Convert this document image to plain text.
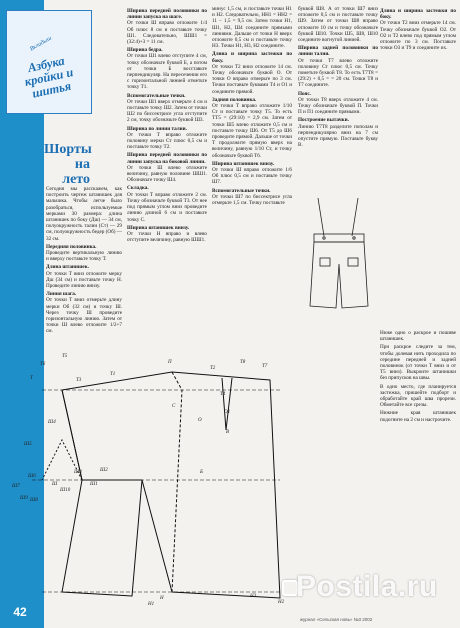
Вкладыш
Азбука кройки и шитья
Шорты на лето

Сегодня мы расскажем, как построить чертеж штанишек для мальчика. Чтобы легче было разобраться, используемые мерками 30 размера: длина штанишек по боку (Дш) — 34 см, полуокружность талии (Ст) — 29 см, полуокружность бедер (Об) — 32 см.

Передняя половинка.

Проведите вертикальную линию и вверху поставьте точку Т.

Длина штанишек.

От точки Т вниз отложите мерку Дш (34 см) и поставьте точку Н. Проведите линию внизу.

Линия шага.

От точки Т вниз отмерьте длину мерки Об (32 см) и точку Ш. Через точку Ш проведите горизонтальную линию. Затем от точки Ш влево отложите 1/2+7 см.

Ширина передней половинки по линии запуска на шаге.

От точки Ш вправо отложите 1/4 Об плюс 8 см и поставьте точку Ш1. Следовательно, ШШ1 = (32:4)+3 = 11 см.

Ширина бедра.

От точки Ш1 влево отступите 4 см, точку обозначьте буквой Б, а потом от точки Б восставьте перпендикуляр. На пересечении его с горизонтальной линией отметьте точку Т1.

Вспомогательные точки.

От точки Ш1 вверх отмерьте 4 см и поставьте точку Ш2. Затем от точки Ш2 по биссектрисе угла отступите 2 см, точку обозначьте буквой Ш3.

Ширина по линии талии.

От точки Т вправо отложите половину мерки Ст плюс 0,5 см и поставьте точку Т2.

Ширина передней половинки по линии запуска на боковой линии.

От точки Ш влево отложите величину, равную половине ШШ1. Обозначьте точку Ш4.

Складка.

От точки Т вправо отложите 2 см. Точку обозначьте буквой Т3. От нее под прямым углом вниз проведите линию длиной 6 см и поставьте точку С.

Ширина штанишек внизу.

От точки Н вправо и влево отступите величину, равную ШШ1.

минус 1,5 см, и поставьте точки Н1 и Н2. Следовательно, НН1 = НН2 = 11 − 1,5 = 9,5 см. Затем точки Н1, Ш1, Н2, Ш4 соедините прямыми линиями. Дальше от точки Н вверх отложите 0,5 см и поставьте точку Н3. Точки Н1, Н3, Н2 соедините.

Длина и ширина застежки по боку.

От точки Т2 вниз отложите 14 см. Точку обозначьте буквой О. От точки О вправо отмерьте по 3 см. Точки поставьте буквами Т4 и О1 и соедините прямой.

Задняя половинка.

От точки Т вправо отложите 1/10 Ст и поставьте точку Т5. То есть ТТ5 = (29:10) = 2,9 см. Затем от точки Ш5 влево отложите 0,5 см и поставьте точку Ш6. От Т5 до Ш6 проведите прямой. Дальше от точки Т продолжите прямую вверх на величину, равную 1/10 Ст, и точку обозначьте буквой Т6.

Ширина штанишек внизу.

От точки Ш вправо отложите 1/6 Об плюс 0,5 см и поставьте точку Ш7.

Вспомогательные точки.

От точки Ш7 по биссектрисе угла отмерьте 1,5 см. Точку поставьте

буквой Ш8. А от точки Ш7 вниз отложите 0,5 см и поставьте точку Ш9. Затем от точки Ш8 вправо отложите 10 см и точку обозначьте буквой Ш10. Точки Ш5, Ш8, Ш10 соедините вогнутой линией.

Ширина задней половинки по линии талии.

От точки Т7 влево отложите половину Ст плюс 0,5 см. Точку пометьте буквой Т8. То есть Т7Т8 = (29:2) + 0,5 = = 20 см. Точки Т8 и Т7 соедините.

Пояс.

От точки Т8 вверх отложите 4 см. Точку обозначьте буквой П. Точки П и П1 соедините прямыми.

Построение вытачки.

Линию Т7Т8 разделите пополам и перпендикулярно вниз на 7 см опустите прямую. Поставьте букву В.

Длина и ширина застежки по боку.

От точки Т2 вниз отмерьте 14 см. Точку обозначьте буквой О2. От О2 и Т2 влево под прямым углом отложите по 3 см. Поставьте точки О3 и Т9 и соедините их.

Ниже одно о раскрое и пошиве штанишек.

При раскрое следите за тем, чтобы долевая нить проходила по середине передней и задней половинок (от точки Т вниз и от Т5 вниз). Выкроите штанишки без припусков на швы.

В одно место, где планируется застежка, пришейте подборт и обработайте край шва прорези. Обметайте все срезы.

Нижние края штанишек подогните на 2 см и настрочите.

Т6
Т5
Т	Т3
Т1
П
Т2
Т8
Т7
Т4
О1
О
С
Ш4
Ш5
Ш	Ш1
Ш2
Ш3
Ш6
Ш7
Ш8
Ш9
Ш10
Н
Н1	Н2
Н3
Б
В
42
журнал «Сельская новь» №3 2002
Postila.ru
